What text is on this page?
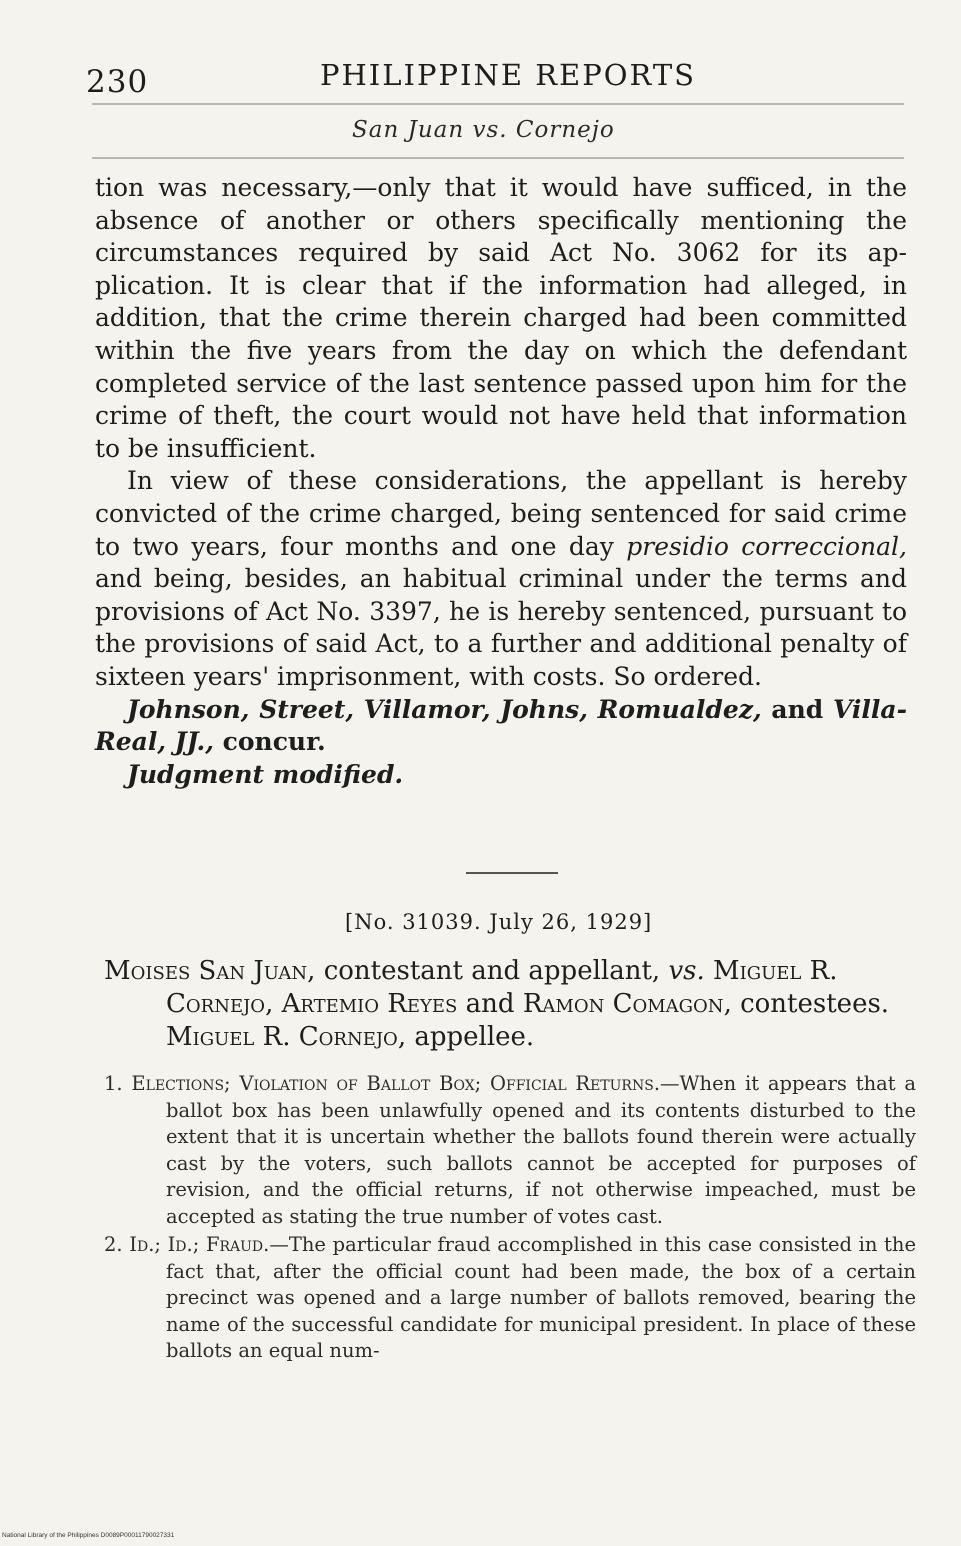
230	PHILIPPINE REPORTS
San Juan vs. Cornejo

tion was necessary,—only that it would have sufficed, in the absence of another or others specifically mentioning the circumstances required by said Act No. 3062 for its application. It is clear that if the information had alleged, in addition, that the crime therein charged had been committed within the five years from the day on which the defendant completed service of the last sentence passed upon him for the crime of theft, the court would not have held that information to be insufficient.

In view of these considerations, the appellant is hereby convicted of the crime charged, being sentenced for said crime to two years, four months and one day presidio correccional, and being, besides, an habitual criminal under the terms and provisions of Act No. 3397, he is hereby sentenced, pursuant to the provisions of said Act, to a further and additional penalty of sixteen years' imprisonment, with costs. So ordered.

Johnson, Street, Villamor, Johns, Romualdez, and Villa-Real, JJ., concur.

Judgment modified.

[No. 31039. July 26, 1929]
Moises San Juan, contestant and appellant, vs. Miguel R. Cornejo, Artemio Reyes and Ramon Comagon, contestees. Miguel R. Cornejo, appellee.

1. Elections; Violation of Ballot Box; Official Returns.—When it appears that a ballot box has been unlawfully opened and its contents disturbed to the extent that it is uncertain whether the ballots found therein were actually cast by the voters, such ballots cannot be accepted for purposes of revision, and the official returns, if not otherwise impeached, must be accepted as stating the true number of votes cast.

2. Id.; Id.; Fraud.—The particular fraud accomplished in this case consisted in the fact that, after the official count had been made, the box of a certain precinct was opened and a large number of ballots removed, bearing the name of the successful candidate for municipal president. In place of these ballots an equal num-

National Library of the Philippines D0089P00011790027331
